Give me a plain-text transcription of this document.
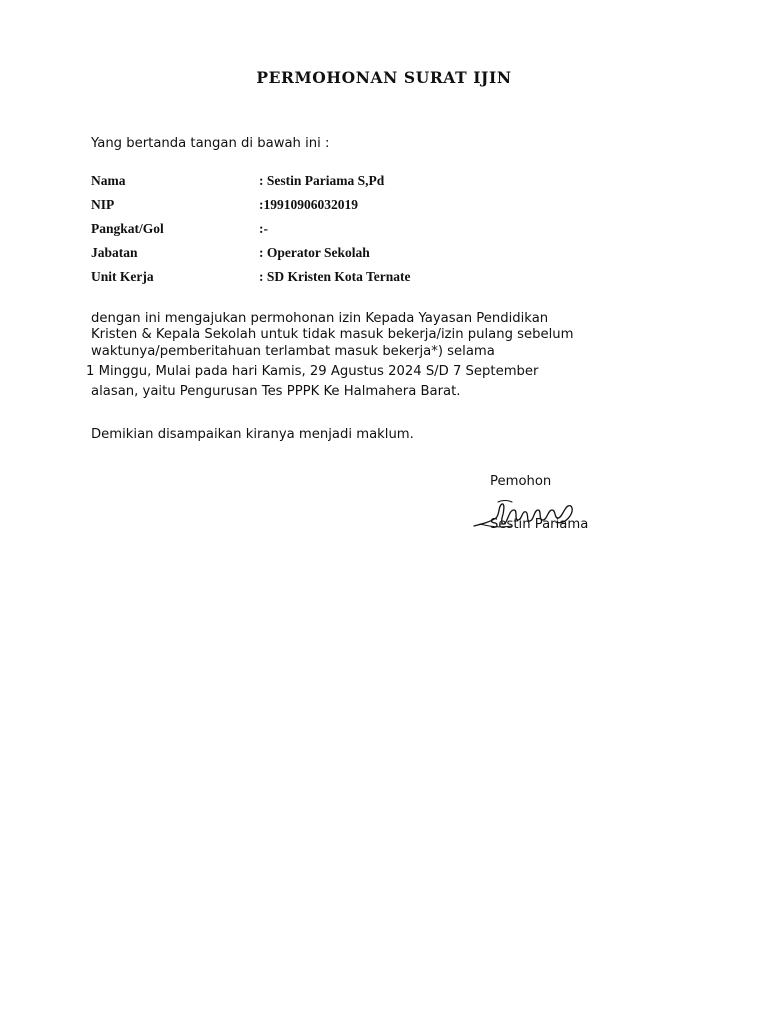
PERMOHONAN SURAT IJIN
Yang bertanda tangan di bawah ini :
Nama	: Sestin Pariama S,Pd
NIP	:19910906032019
Pangkat/Gol	:-
Jabatan	: Operator Sekolah
Unit Kerja	: SD Kristen Kota Ternate
dengan ini mengajukan permohonan izin Kepada Yayasan Pendidikan
Kristen & Kepala Sekolah untuk tidak masuk bekerja/izin pulang sebelum
waktunya/pemberitahuan terlambat masuk bekerja*) selama
1 Minggu, Mulai pada hari Kamis, 29 Agustus 2024 S/D 7 September
alasan, yaitu Pengurusan Tes PPPK Ke Halmahera Barat.
Demikian disampaikan kiranya menjadi maklum.
Pemohon
Sestin Pariama
